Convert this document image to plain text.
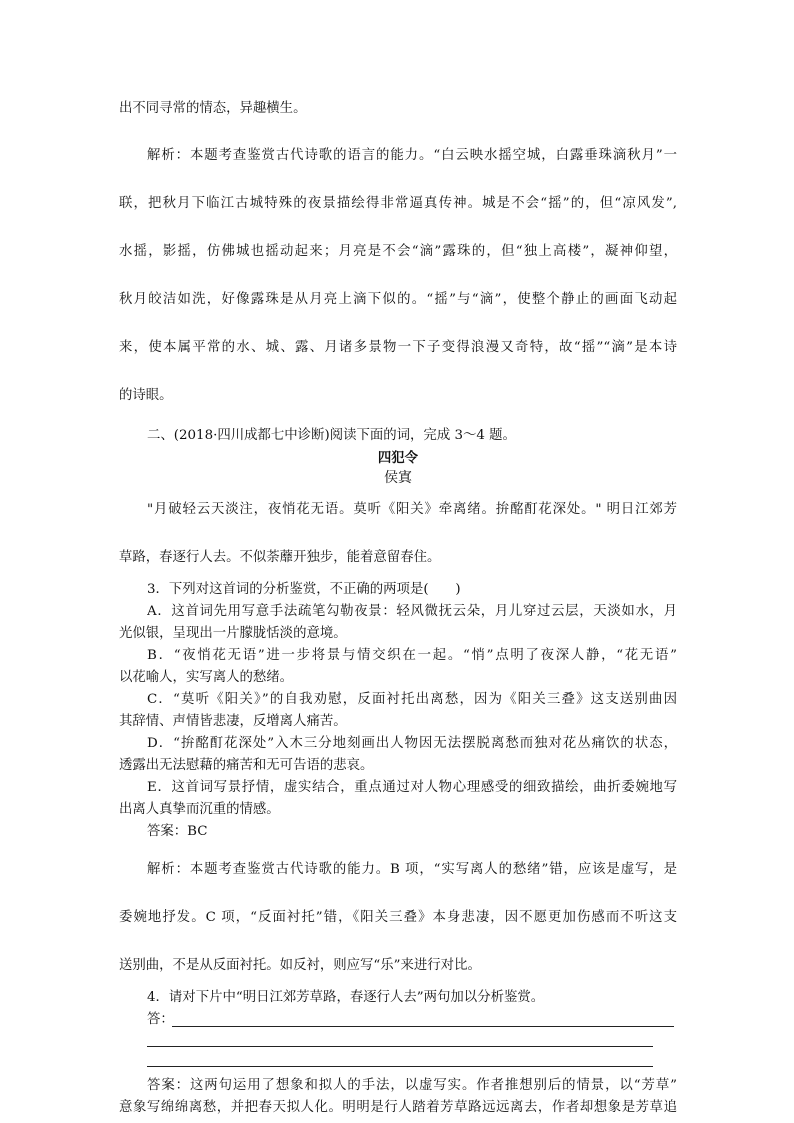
出不同寻常的情态，异趣横生。
解析：本题考查鉴赏古代诗歌的语言的能力。“白云映水摇空城，白露垂珠滴秋月”一
联，把秋月下临江古城特殊的夜景描绘得非常逼真传神。城是不会“摇”的，但“凉风发”,
水摇，影摇，仿佛城也摇动起来；月亮是不会“滴”露珠的，但“独上高楼”，凝神仰望，
秋月皎洁如洗，好像露珠是从月亮上滴下似的。“摇”与“滴”，使整个静止的画面飞动起
来，使本属平常的水、城、露、月诸多景物一下子变得浪漫又奇特，故“摇”“滴”是本诗
的诗眼。
二、(2018·四川成都七中诊断)阅读下面的词，完成 3～4 题。
四犯令
侯寘
"月破轻云天淡注，夜悄花无语。莫听《阳关》牵离绪。拚酩酊花深处。" 明日江郊芳
草路，春逐行人去。不似荼蘼开独步，能着意留春住。
3．下列对这首词的分析鉴赏，不正确的两项是(　　)
A．这首词先用写意手法疏笔勾勒夜景：轻风微抚云朵，月儿穿过云层，天淡如水，月
光似银，呈现出一片朦胧恬淡的意境。
B．“夜悄花无语”进一步将景与情交织在一起。“悄”点明了夜深人静，“花无语”
以花喻人，实写离人的愁绪。
C．“莫听《阳关》”的自我劝慰，反面衬托出离愁，因为《阳关三叠》这支送别曲因
其辞情、声情皆悲凄，反增离人痛苦。
D．“拚酩酊花深处”入木三分地刻画出人物因无法摆脱离愁而独对花丛痛饮的状态，
透露出无法慰藉的痛苦和无可告语的悲哀。
E．这首词写景抒情，虚实结合，重点通过对人物心理感受的细致描绘，曲折委婉地写
出离人真挚而沉重的情感。
答案：BC
解析：本题考查鉴赏古代诗歌的能力。B 项，“实写离人的愁绪”错，应该是虚写，是
委婉地抒发。C 项，“反面衬托”错，《阳关三叠》本身悲凄，因不愿更加伤感而不听这支
送别曲，不是从反面衬托。如反衬，则应写“乐”来进行对比。
4．请对下片中“明日江郊芳草路，春逐行人去”两句加以分析鉴赏。
答：
答案：这两句运用了想象和拟人的手法，以虚写实。作者推想别后的情景，以“芳草”
意象写绵绵离愁，并把春天拟人化。明明是行人踏着芳草路远远离去，作者却想象是芳草追
